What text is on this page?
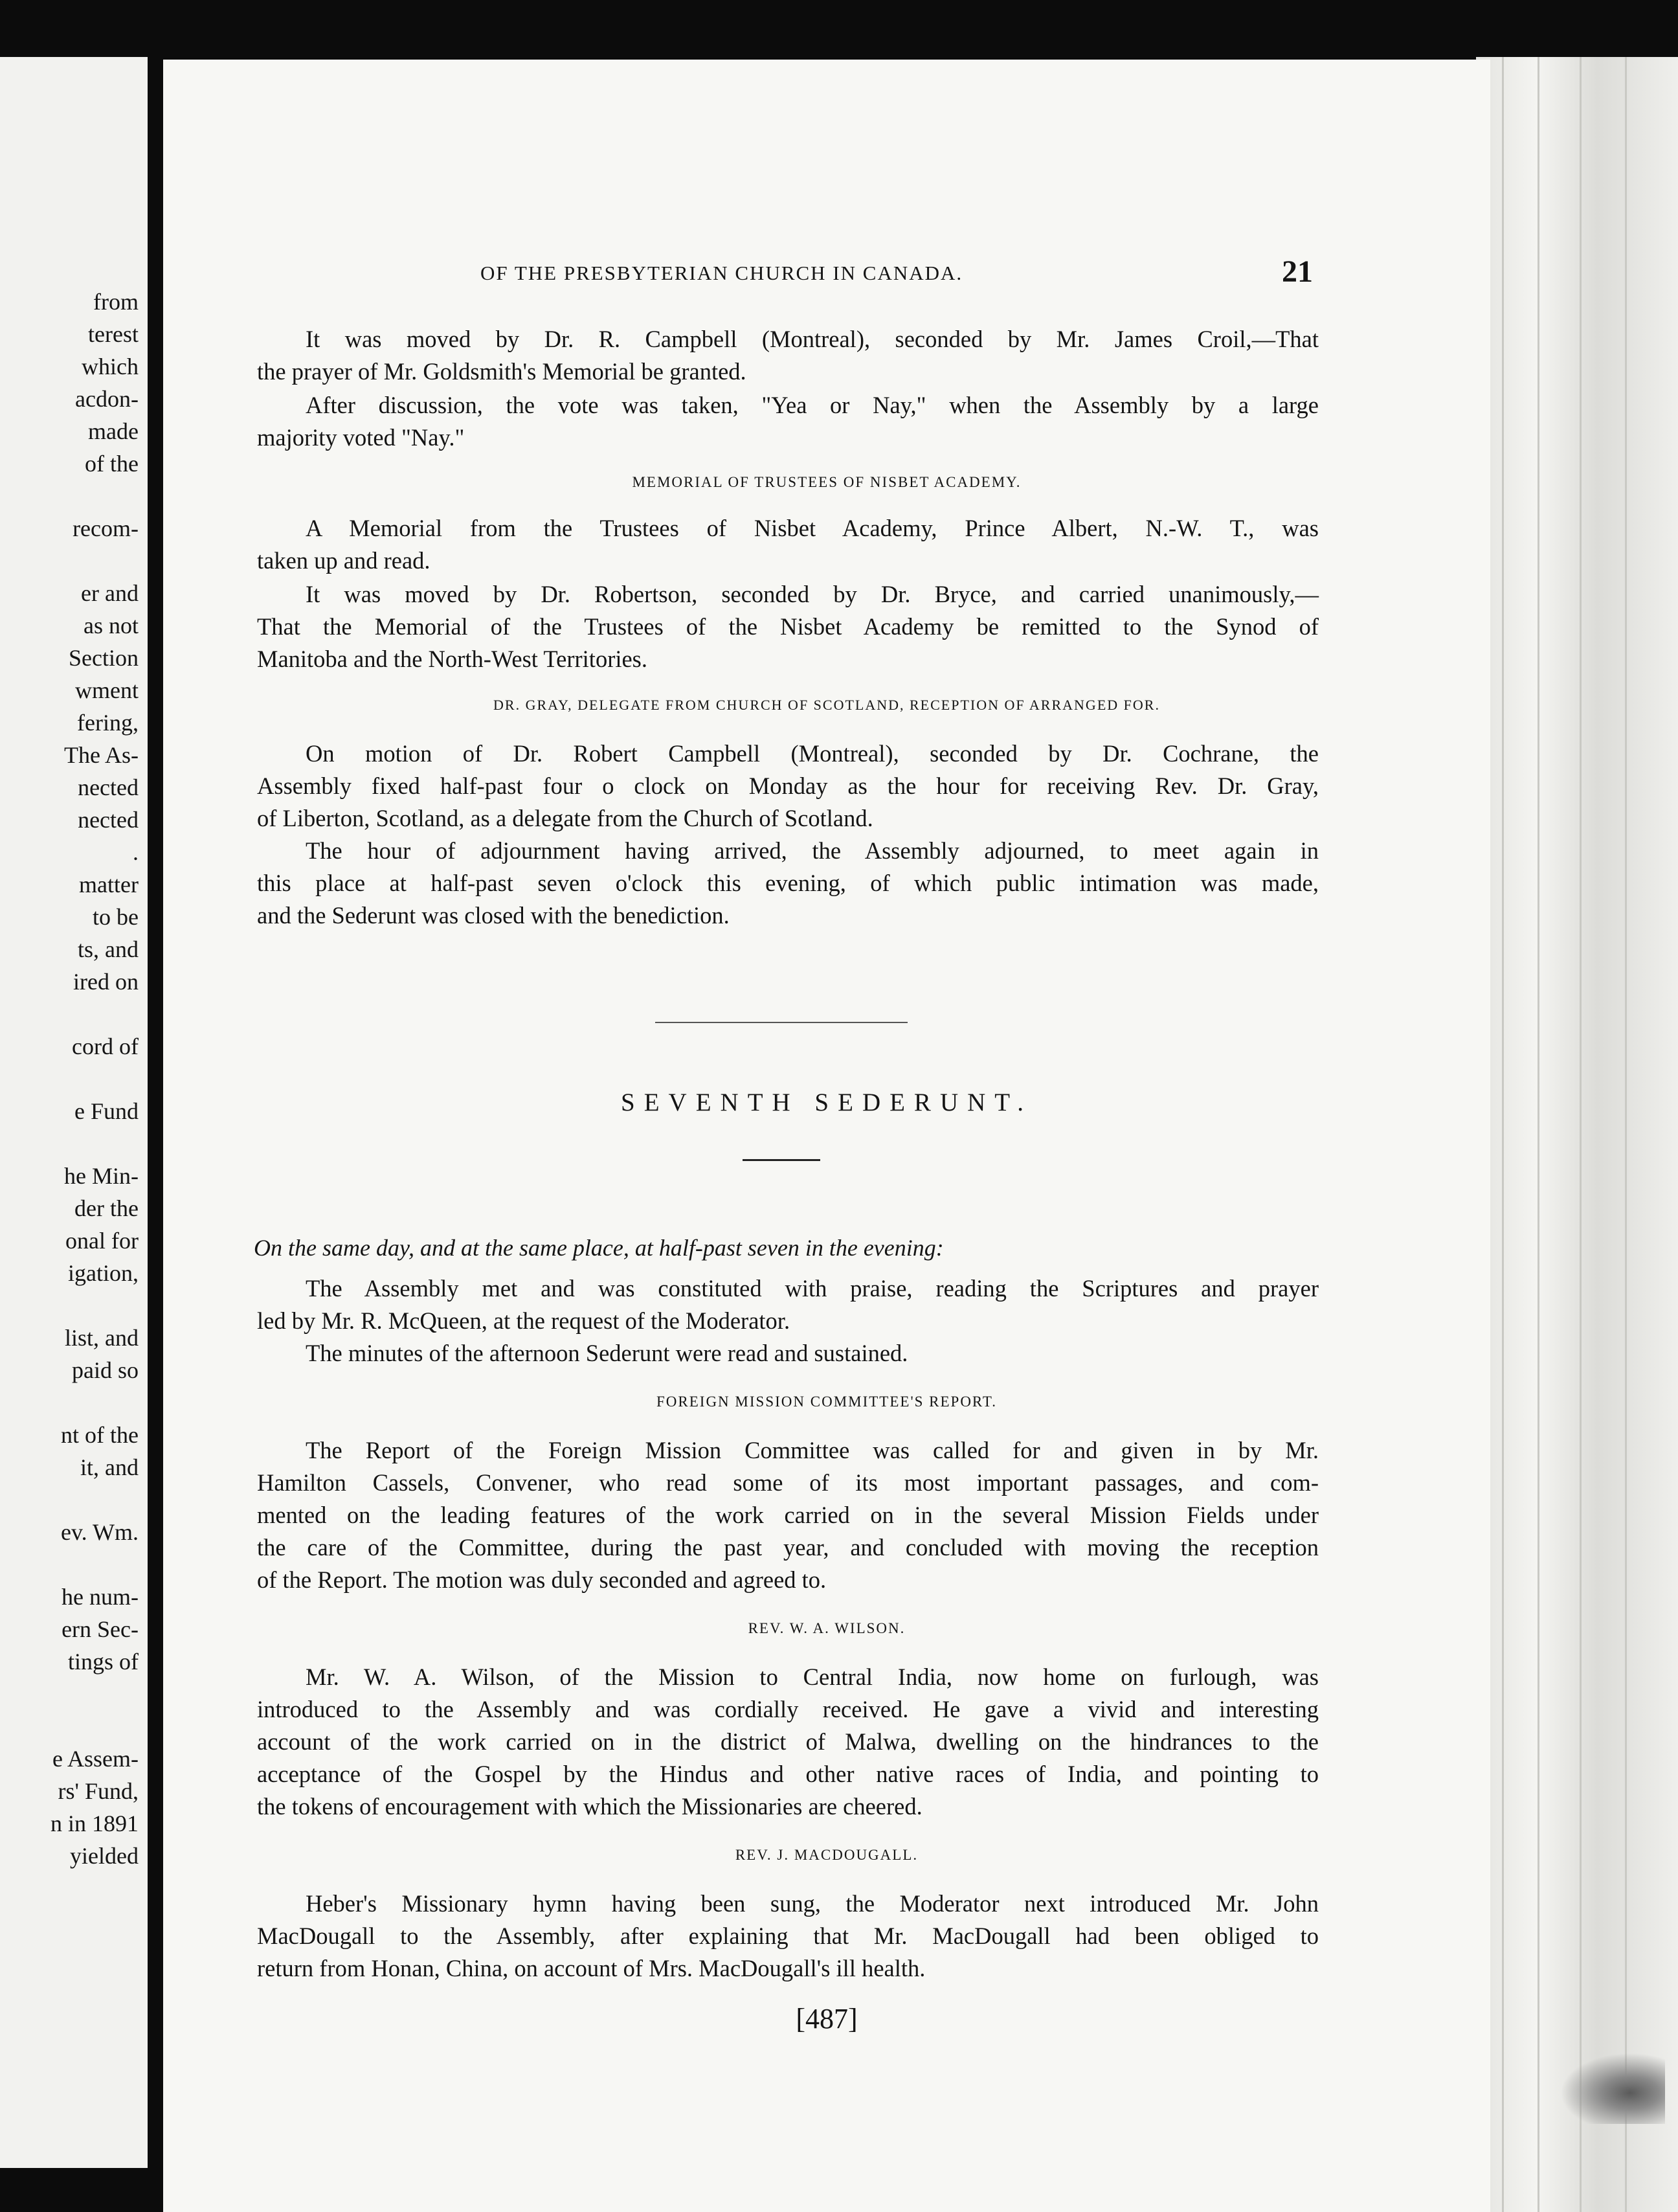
from
terest
which
acdon-
made
of the
recom-
er and
as not
Section
wment
fering,
The As-
nected
nected
.
matter
to be
ts, and
ired on
cord of
e Fund
he Min-
der the
onal for
igation,
list, and
paid so
nt of the
it, and
ev. Wm.
he num-
ern Sec-
tings of
e Assem-
rs' Fund,
n in 1891
yielded
OF THE PRESBYTERIAN CHURCH IN CANADA.	21
It was moved by Dr. R. Campbell (Montreal), seconded by Mr. James Croil,—That
the prayer of Mr. Goldsmith's Memorial be granted.
After discussion, the vote was taken, "Yea or Nay," when the Assembly by a large
majority voted "Nay."
MEMORIAL OF TRUSTEES OF NISBET ACADEMY.
A Memorial from the Trustees of Nisbet Academy, Prince Albert, N.-W. T., was
taken up and read.
It was moved by Dr. Robertson, seconded by Dr. Bryce, and carried unanimously,—
That the Memorial of the Trustees of the Nisbet Academy be remitted to the Synod of
Manitoba and the North-West Territories.
DR. GRAY, DELEGATE FROM CHURCH OF SCOTLAND, RECEPTION OF ARRANGED FOR.
On motion of Dr. Robert Campbell (Montreal), seconded by Dr. Cochrane, the
Assembly fixed half-past four o clock on Monday as the hour for receiving Rev. Dr. Gray,
of Liberton, Scotland, as a delegate from the Church of Scotland.
The hour of adjournment having arrived, the Assembly adjourned, to meet again in
this place at half-past seven o'clock this evening, of which public intimation was made,
and the Sederunt was closed with the benediction.
SEVENTH SEDERUNT.
On the same day, and at the same place, at half-past seven in the evening:
The Assembly met and was constituted with praise, reading the Scriptures and prayer
led by Mr. R. McQueen, at the request of the Moderator.
The minutes of the afternoon Sederunt were read and sustained.
FOREIGN MISSION COMMITTEE'S REPORT.
The Report of the Foreign Mission Committee was called for and given in by Mr.
Hamilton Cassels, Convener, who read some of its most important passages, and com-
mented on the leading features of the work carried on in the several Mission Fields under
the care of the Committee, during the past year, and concluded with moving the reception
of the Report. The motion was duly seconded and agreed to.
REV. W. A. WILSON.
Mr. W. A. Wilson, of the Mission to Central India, now home on furlough, was
introduced to the Assembly and was cordially received. He gave a vivid and interesting
account of the work carried on in the district of Malwa, dwelling on the hindrances to the
acceptance of the Gospel by the Hindus and other native races of India, and pointing to
the tokens of encouragement with which the Missionaries are cheered.
REV. J. MACDOUGALL.
Heber's Missionary hymn having been sung, the Moderator next introduced Mr. John
MacDougall to the Assembly, after explaining that Mr. MacDougall had been obliged to
return from Honan, China, on account of Mrs. MacDougall's ill health.
[487]
